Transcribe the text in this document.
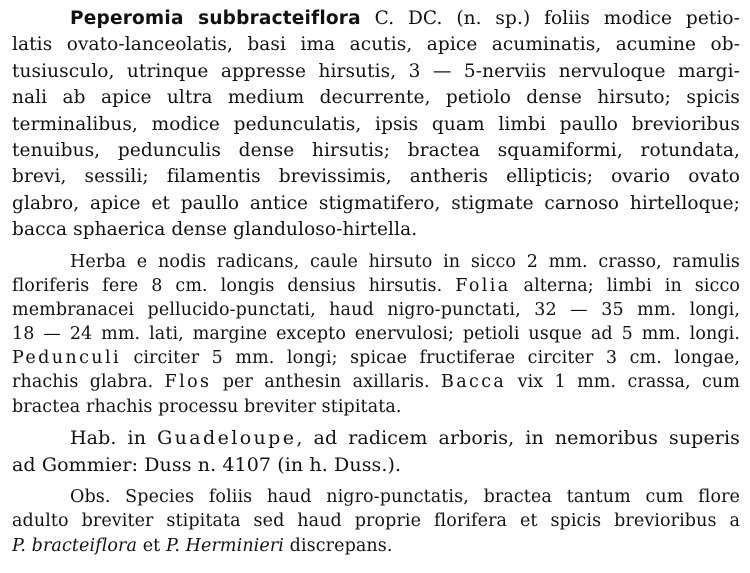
Peperomia subbracteiflora C. DC. (n. sp.) foliis modice petio-
latis ovato-lanceolatis, basi ima acutis, apice acuminatis, acumine ob-
tusiusculo, utrinque appresse hirsutis, 3 — 5-nerviis nervuloque margi-
nali ab apice ultra medium decurrente, petiolo dense hirsuto; spicis
terminalibus, modice pedunculatis, ipsis quam limbi paullo brevioribus
tenuibus, pedunculis dense hirsutis; bractea squamiformi, rotundata,
brevi, sessili; filamentis brevissimis, antheris ellipticis; ovario ovato
glabro, apice et paullo antice stigmatifero, stigmate carnoso hirtelloque;
bacca sphaerica dense glanduloso-hirtella.
Herba e nodis radicans, caule hirsuto in sicco 2 mm. crasso, ramulis
floriferis fere 8 cm. longis densius hirsutis. Folia alterna; limbi in sicco
membranacei pellucido-punctati, haud nigro-punctati, 32 — 35 mm. longi,
18 — 24 mm. lati, margine excepto enervulosi; petioli usque ad 5 mm. longi.
Pedunculi circiter 5 mm. longi; spicae fructiferae circiter 3 cm. longae,
rhachis glabra. Flos per anthesin axillaris. Bacca vix 1 mm. crassa, cum
bractea rhachis processu breviter stipitata.
Hab. in Guadeloupe, ad radicem arboris, in nemoribus superis
ad Gommier: Duss n. 4107 (in h. Duss.).
Obs. Species foliis haud nigro-punctatis, bractea tantum cum flore
adulto breviter stipitata sed haud proprie florifera et spicis brevioribus a
P. bracteiflora et P. Herminieri discrepans.
